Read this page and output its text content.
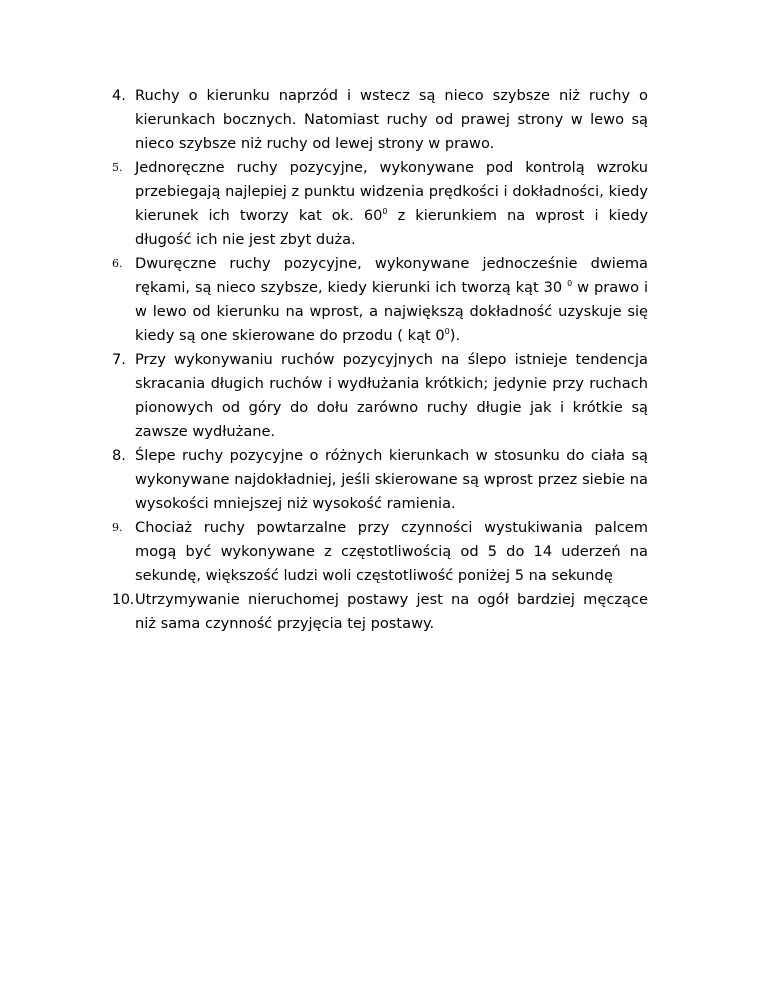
4. Ruchy o kierunku naprzód i wstecz są nieco szybsze niż ruchy o kierunkach bocznych. Natomiast ruchy od prawej strony w lewo są nieco szybsze niż ruchy od lewej strony w prawo.
5. Jednoręczne ruchy pozycyjne, wykonywane pod kontrolą wzroku przebiegają najlepiej z punktu widzenia prędkości i dokładności, kiedy kierunek ich tworzy kat ok. $60^0$ z kierunkiem na wprost i kiedy długość ich nie jest zbyt duża.
6. Dwuręczne ruchy pozycyjne, wykonywane jednocześnie dwiema rękami, są nieco szybsze, kiedy kierunki ich tworzą kąt 30 $^0$ w prawo i w lewo od kierunku na wprost, a największą dokładność uzyskuje się kiedy są one skierowane do przodu ( kąt $0^0$).
7. Przy wykonywaniu ruchów pozycyjnych na ślepo istnieje tendencja skracania długich ruchów i wydłużania krótkich; jedynie przy ruchach pionowych od góry do dołu zarówno ruchy długie jak i krótkie są zawsze wydłużane.
8. Ślepe ruchy pozycyjne o różnych kierunkach w stosunku do ciała są wykonywane najdokładniej, jeśli skierowane są wprost przez siebie na wysokości mniejszej niż wysokość ramienia.
9. Chociaż ruchy powtarzalne przy czynności wystukiwania palcem mogą być wykonywane z częstotliwością od 5 do 14 uderzeń na sekundę, większość ludzi woli częstotliwość poniżej 5 na sekundę
10. Utrzymywanie nieruchomej postawy jest na ogół bardziej męczące niż sama czynność przyjęcia tej postawy.
